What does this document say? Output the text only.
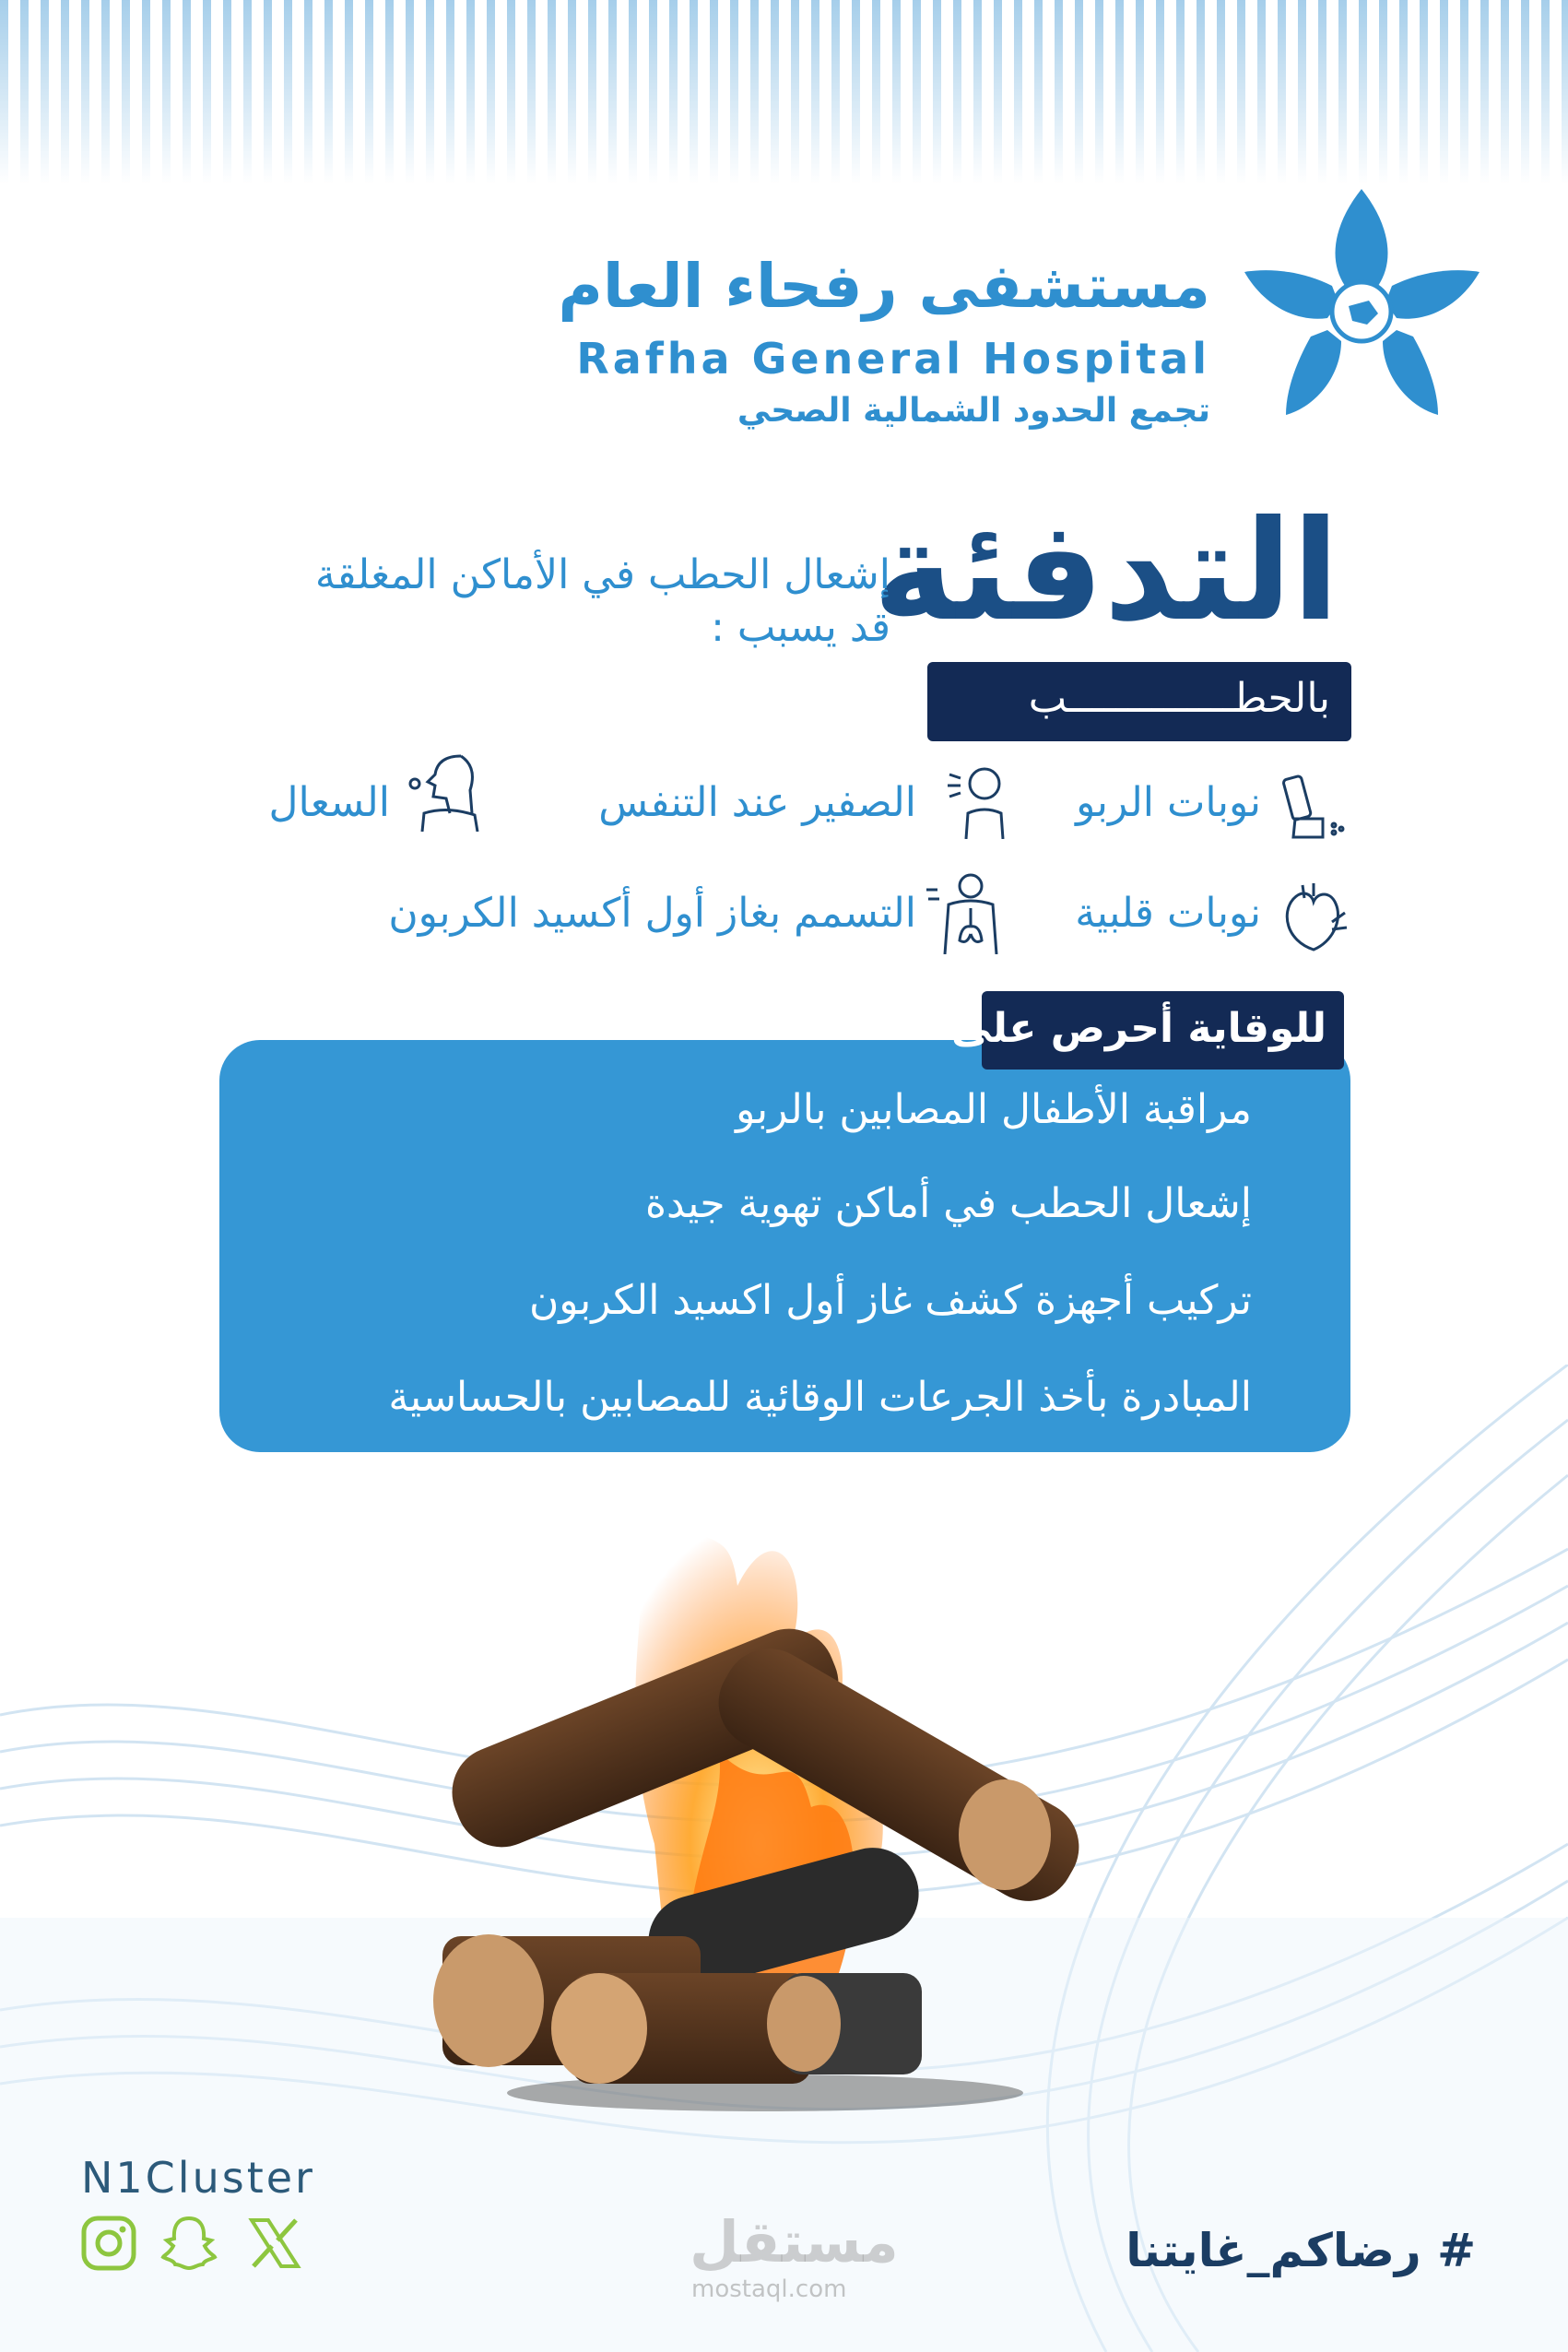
مستشفى رفحاء العام
Rafha General Hospital
تجمع الحدود الشمالية الصحي
التدفئة
بالحطــــــــــــــب
إشعال الحطب في الأماكن المغلقة
قد يسبب :
نوبات الربو
الصفير عند التنفس
السعال
نوبات قلبية
التسمم بغاز أول أكسيد الكربون
للوقاية أحرص على
مراقبة الأطفال المصابين بالربو
إشعال الحطب في أماكن تهوية جيدة
تركيب أجهزة كشف غاز أول اكسيد الكربون
المبادرة بأخذ الجرعات الوقائية للمصابين بالحساسية
N1Cluster
مستقل
mostaql.com
# رضاكم_غايتنا
